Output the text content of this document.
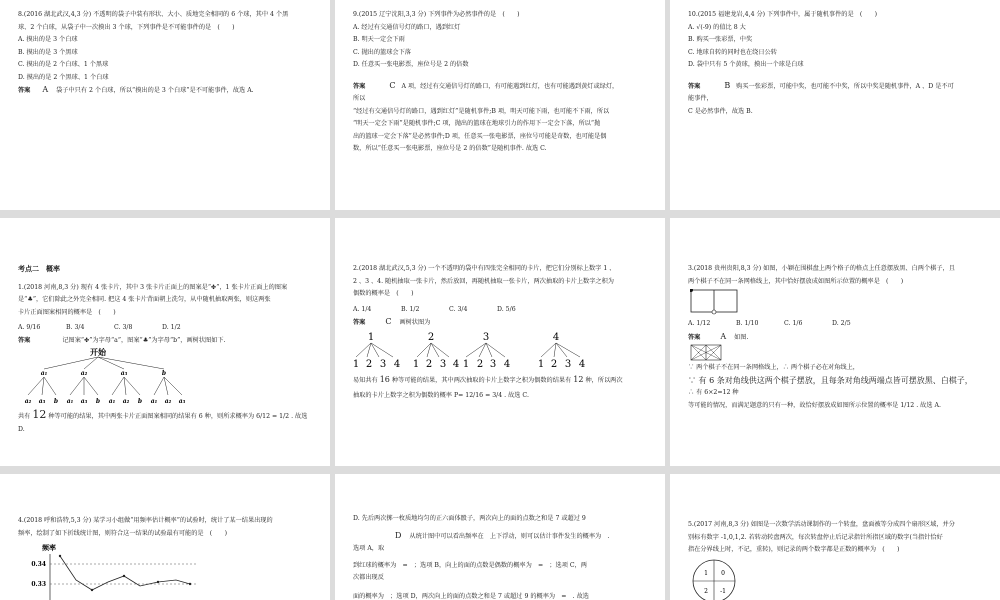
8.(2016 湖北武汉,4,3 分) 不透明的袋子中装有形状、大小、质地完全相同的 6 个球，其中 4 个黑
球、2 个白球，从袋子中一次摸出 3 个球，下列事件是不可能事件的是　(　　)
A. 摸出的是 3 个白球
B. 摸出的是 3 个黑球
C. 摸出的是 2 个白球、1 个黑球
D. 摸出的是 2 个黑球、1 个白球
答案 A 袋子中只有 2 个白球，所以“摸出的是 3 个白球”是不可能事件，故选 A.
9.(2015 辽宁沈阳,3,3 分) 下列事件为必然事件的是　(　　)
A. 经过有交通信号灯的路口，遇到红灯
B. 明天一定会下雨
C. 抛出的篮球会下落
D. 任意买一张电影票，座位号是 2 的倍数
答案	C A 项，经过有交通信号灯的路口，有可能遇到红灯，也有可能遇到黄灯或绿灯，
所以
“经过有交通信号灯的路口，遇到红灯”是随机事件;B 项，明天可能下雨，也可能不下雨，所以
“明天一定会下雨”是随机事件;C 项，抛出的篮球在地球引力的作用下一定会下落，所以“抛
出的篮球一定会下落”是必然事件;D 项，任意买一张电影票，座位号可能是奇数，也可能是偶
数，所以“任意买一张电影票，座位号是 2 的倍数”是随机事件. 故选 C.
10.(2015 福建龙岩,4,4 分) 下列事件中，属于随机事件的是　(　　)
A. √(-9) 的值比 8 大
B. 购买一张彩票，中奖
C. 地球自转的同时也在绕日公转
D. 袋中只有 5 个黄球，摸出一个球是白球
答案	B 购买一张彩票，可能中奖，也可能不中奖，所以中奖是随机事件，A 、D 是不可
能事件，
C 是必然事件，故选 B.
考点二　概率
1.(2018 河南,8,3 分) 现有 4 张卡片，其中 3 张卡片正面上的图案是“✤”，1 张卡片正面上的图案
是“♣”，它们除此之外完全相同. 把这 4 张卡片背面朝上洗匀，从中随机抽取两张，则这两张
卡片正面图案相同的概率是　(　　)
A. 9/16	B. 3/4	C. 3/8	D. 1/2
答案	记图案“✤”为字母“a”，图案“♣”为字母“b”，画树状图如下.
开始
a₁	a₂	a₃	b
a₂ a₃ b a₁ a₃ b a₁ a₂ b a₁ a₂ a₃
共有 12 种等可能的结果，其中两张卡片正面图案相同的结果有 6 种，则所求概率为 6/12 = 1/2 . 故选
D.
2.(2018 湖北武汉,5,3 分) 一个不透明的袋中有四张完全相同的卡片，把它们分别标上数字 1 、
2 、3 、4. 随机抽取一张卡片，然后放回，再随机抽取一张卡片，两次抽取的卡片上数字之积为
偶数的概率是　(　　)
A. 1/4	B. 1/2	C. 3/4	D. 5/6
答案 C 画树状图为
1	2	3	4
1 2 3 4 1 2 3 4 1 2 3 4	1 2 3 4
易知共有 16 种等可能的结果，其中两次抽取的卡片上数字之积为偶数的结果有 12 种，所以两次
抽取的卡片上数字之积为偶数的概率 P= 12/16 = 3/4 . 故选 C.
3.(2018 贵州贵阳,8,3 分) 如图，小颖在围棋盘上两个格子的格点上任意摆放黑、白两个棋子，且
两个棋子不在同一条网格线上，其中恰好摆放成如图所示位置的概率是　(　　)
A. 1/12	B. 1/10	C. 1/6	D. 2/5
答案 A 如图.
∵ 两个棋子不在同一条网格线上，∴ 两个棋子必在对角线上，
∵ 有 6 条对角线供这两个棋子摆放，且每条对角线两端点皆可摆放黑、白棋子，
∴ 有 6×2=12 种
等可能的情况，而满足题意的只有一种，故恰好摆放成如图所示位置的概率是 1/12 . 故选 A.
4.(2018 呼和浩特,5,3 分) 某学习小组做“用频率估计概率”的试验时，统计了某一结果出现的
频率，绘制了如下折线统计图，则符合这一结果的试验最有可能的是　(　　)
频率
0.34
0.33
D. 先后两次掷一枚质地均匀的正六面体骰子，两次向上的面的点数之和是 7 或超过 9
D 从统计图中可以看出频率在　上下浮动，则可以估计事件发生的概率为　.
选项 A，取
到红球的概率为　=　；选项 B，向上的面的点数是偶数的概率为　=　；选项 C，两
次都出现反
面的概率为　；选项 D，两次向上的面的点数之和是 7 或超过 9 的概率为　=　. 故选
5.(2017 河南,8,3 分) 如图是一次数学活动课制作的一个转盘，盘面被等分成四个扇形区域，并分
别标有数字 -1,0,1,2. 若转动转盘两次，每次转盘停止后记录指针所指区域的数字(当指针恰好
指在分界线上时，不记，重转)，则记录的两个数字都是正数的概率为　(　　)
1 0
2 -1
